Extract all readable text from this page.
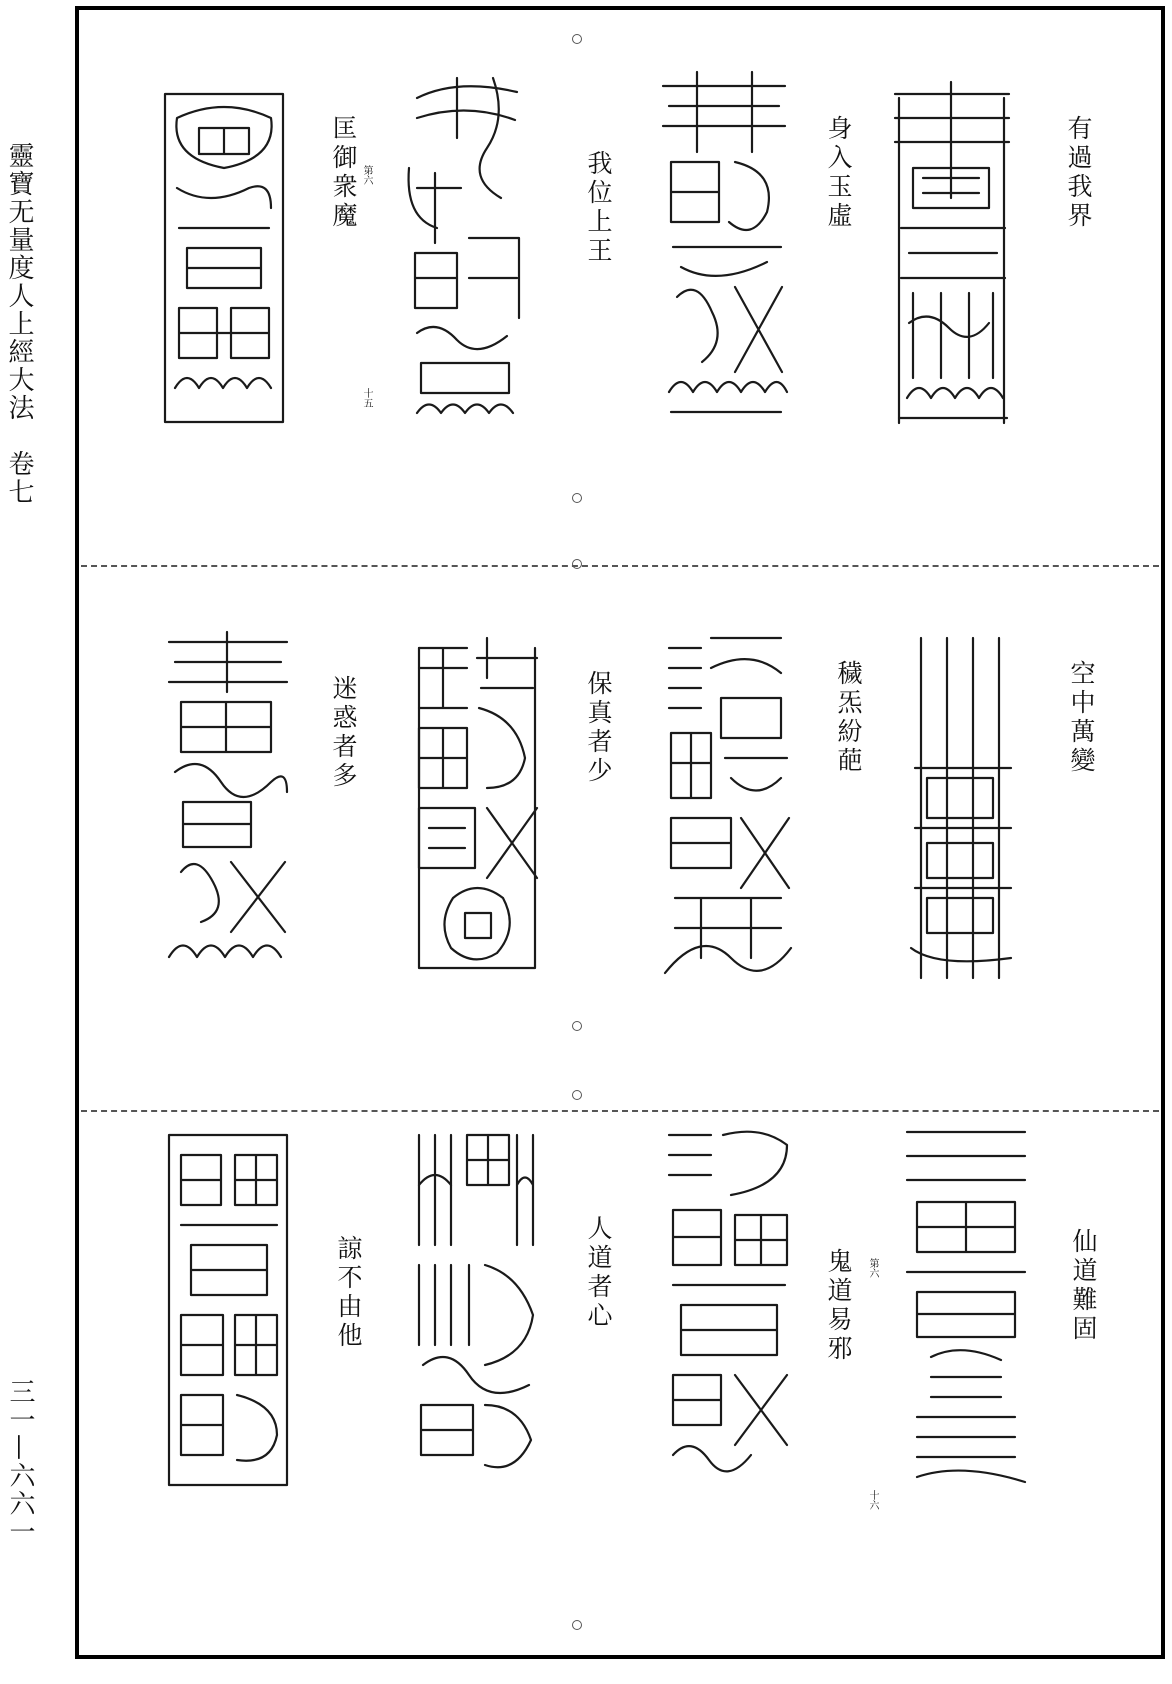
靈寶无量度人上經大法　卷七
三一—六六一
有過我界
身入玉虛
我位上王
匡御衆魔 第六
十五
空中萬變
穢炁紛葩
保真者少
迷惑者多
仙道難固
鬼道易邪
人道者心
諒不由他	第六
十六
